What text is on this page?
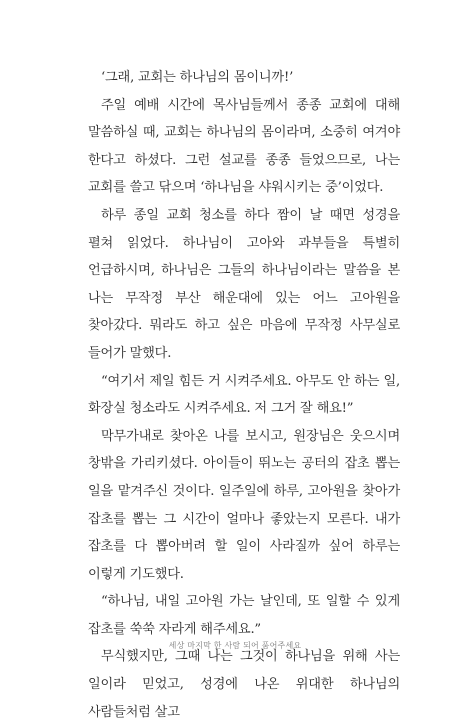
‘그래, 교회는 하나님의 몸이니까!’

주일 예배 시간에 목사님들께서 종종 교회에 대해 말씀하실 때, 교회는 하나님의 몸이라며, 소중히 여겨야 한다고 하셨다. 그런 설교를 종종 들었으므로, 나는 교회를 쓸고 닦으며 ‘하나님을 샤워시키는 중’이었다.

하루 종일 교회 청소를 하다 짬이 날 때면 성경을 펼쳐 읽었다. 하나님이 고아와 과부들을 특별히 언급하시며, 하나님은 그들의 하나님이라는 말씀을 본 나는 무작정 부산 해운대에 있는 어느 고아원을 찾아갔다. 뭐라도 하고 싶은 마음에 무작정 사무실로 들어가 말했다.

“여기서 제일 힘든 거 시켜주세요. 아무도 안 하는 일, 화장실 청소라도 시켜주세요. 저 그거 잘 해요!”

막무가내로 찾아온 나를 보시고, 원장님은 웃으시며 창밖을 가리키셨다. 아이들이 뛰노는 공터의 잡초 뽑는 일을 맡겨주신 것이다. 일주일에 하루, 고아원을 찾아가 잡초를 뽑는 그 시간이 얼마나 좋았는지 모른다. 내가 잡초를 다 뽑아버려 할 일이 사라질까 싶어 하루는 이렇게 기도했다.

“하나님, 내일 고아원 가는 날인데, 또 일할 수 있게 잡초를 쑥쑥 자라게 해주세요.”

무식했지만, 그때 나는 그것이 하나님을 위해 사는 일이라 믿었고, 성경에 나온 위대한 하나님의 사람들처럼 살고

세상 마지막 한 사람 되어 품어주세요
